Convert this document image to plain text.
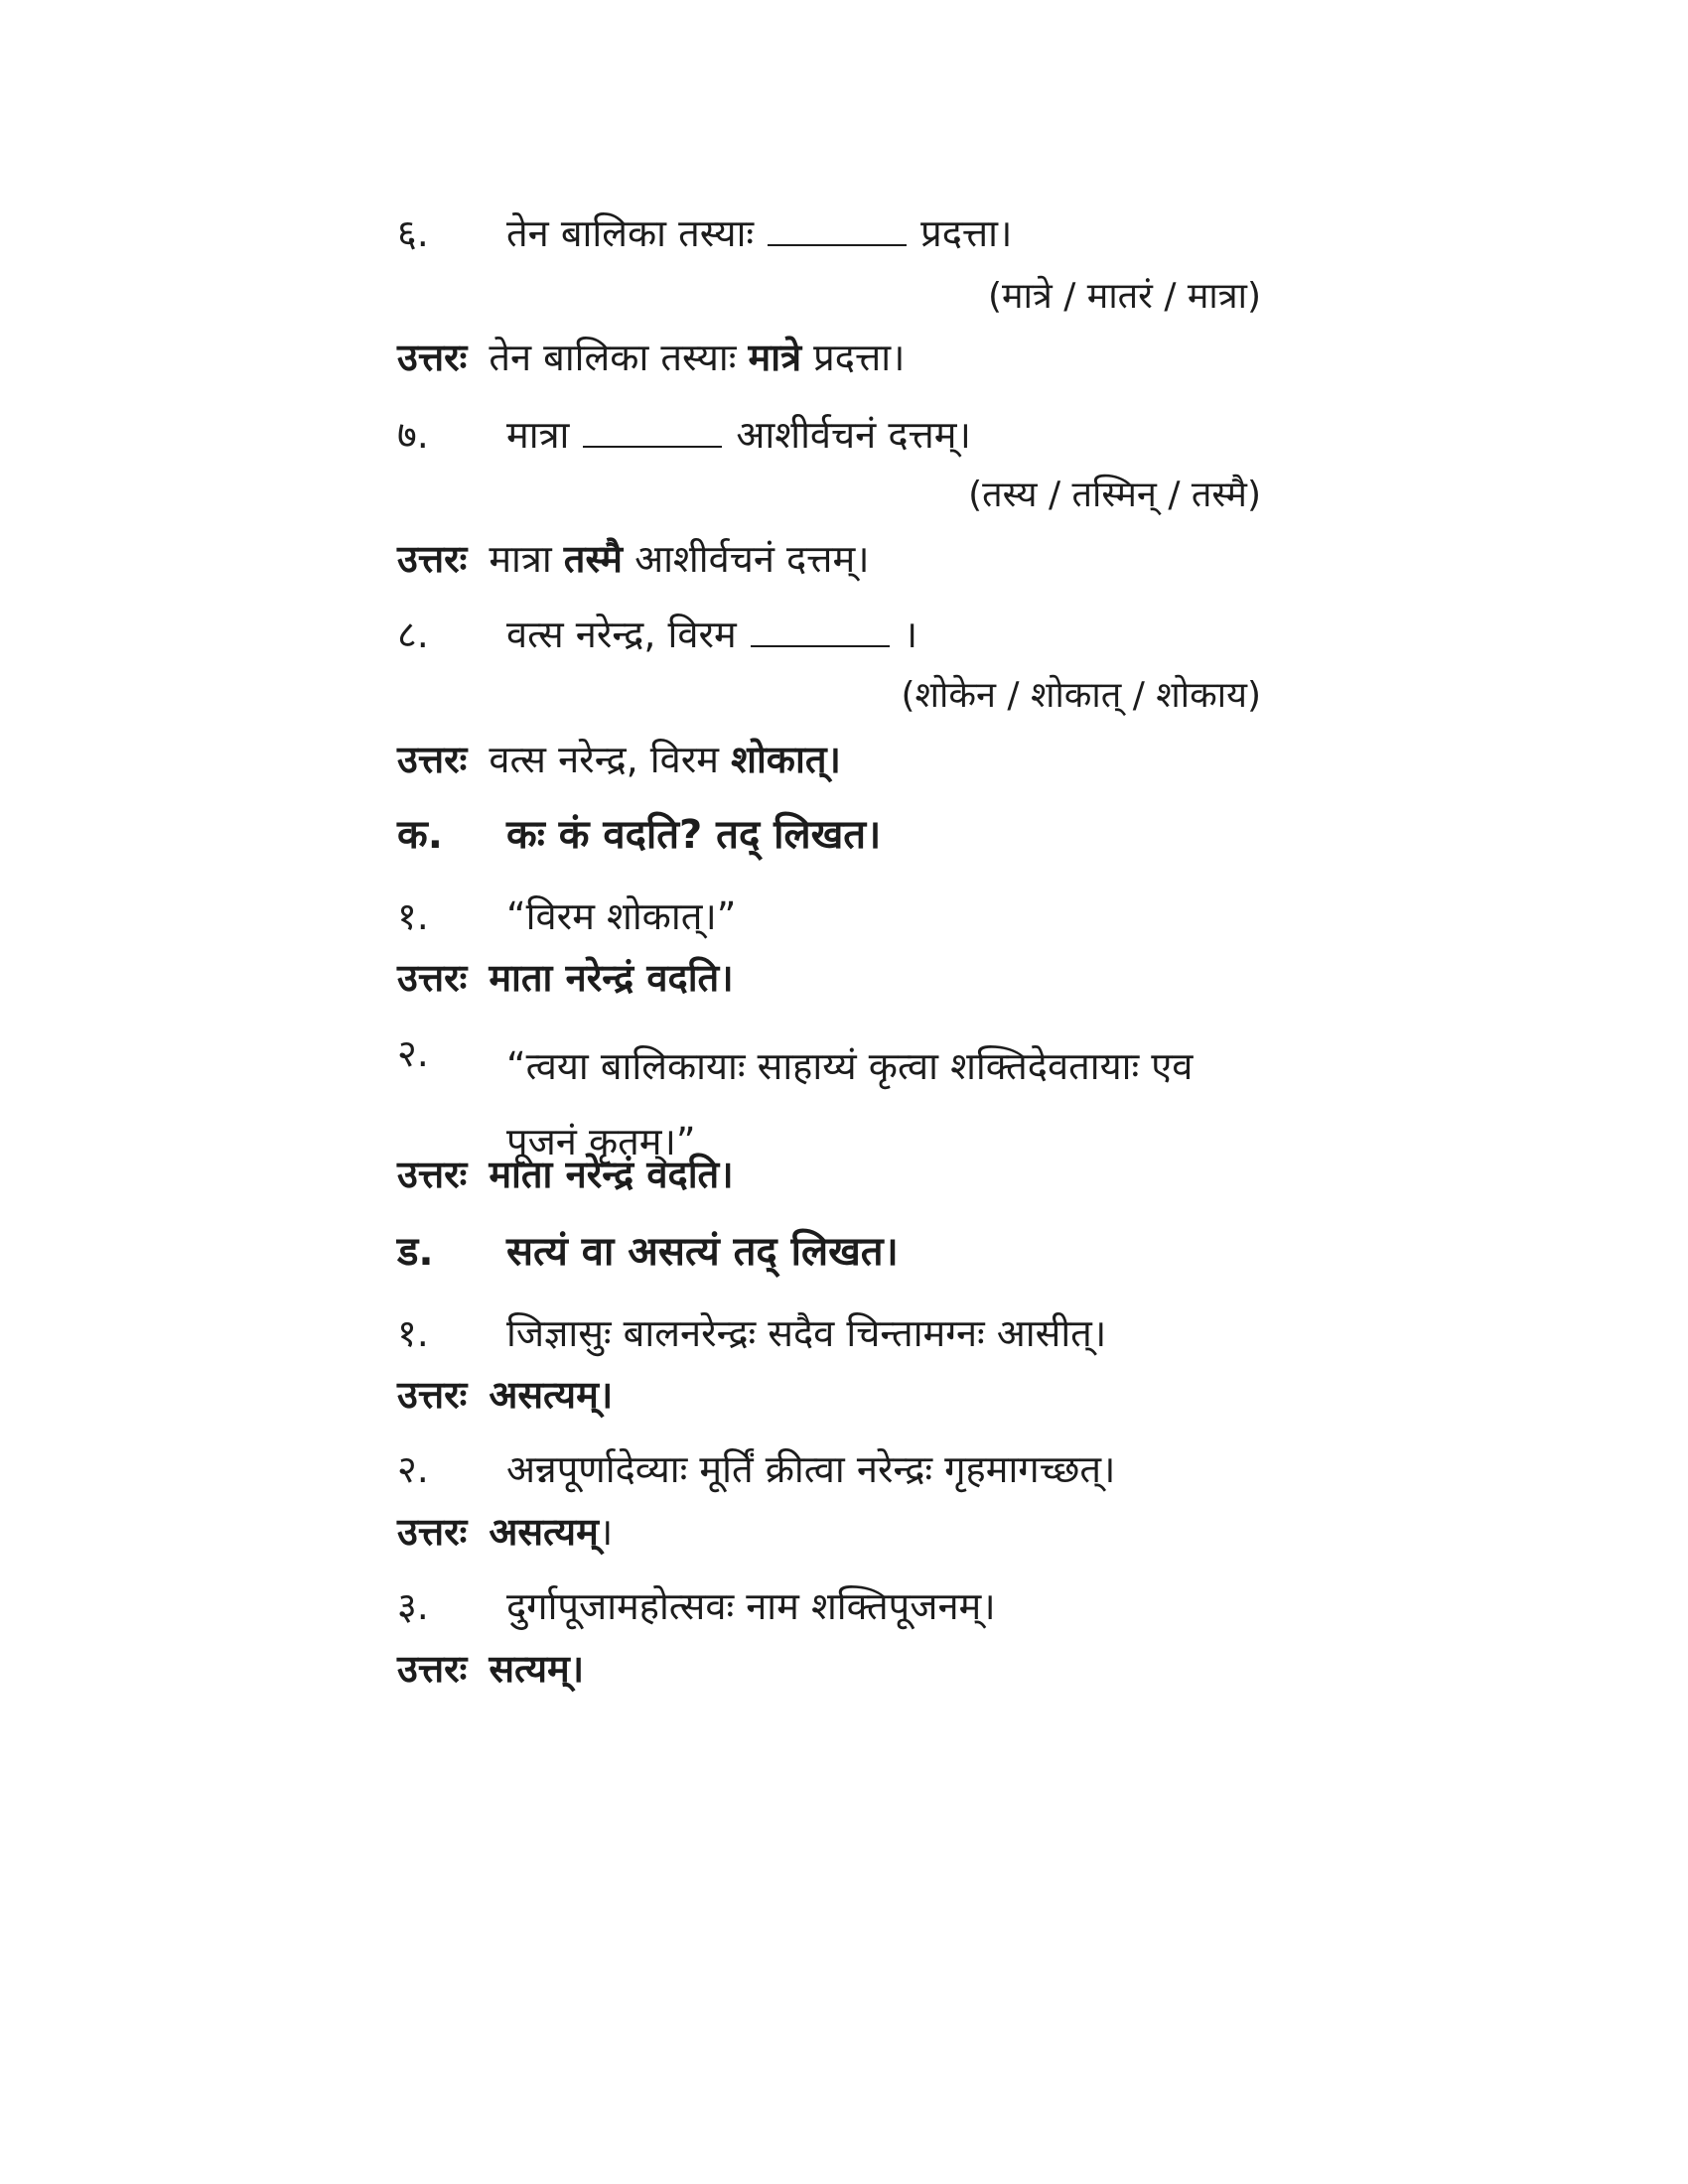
६. तेन बालिका तस्याः	प्रदत्ता।
(मात्रे / मातरं / मात्रा)
उत्तरः तेन बालिका तस्याः मात्रे प्रदत्ता।
७. मात्रा	आशीर्वचनं दत्तम्।
(तस्य / तस्मिन् / तस्मै)
उत्तरः मात्रा तस्मै आशीर्वचनं दत्तम्।
८. वत्स नरेन्द्र, विरम	।
(शोकेन / शोकात् / शोकाय)
उत्तरः वत्स नरेन्द्र, विरम शोकात्।
क. कः कं वदति? तद् लिखत।
१. “विरम शोकात्।”
उत्तरः माता नरेन्द्रं वदति।
२. “त्वया बालिकायाः साहाय्यं कृत्वा शक्तिदेवतायाः एव पूजनं कृतम्।”
उत्तरः माता नरेन्द्रं वदति।
ड. सत्यं वा असत्यं तद् लिखत।
१. जिज्ञासुः बालनरेन्द्रः सदैव चिन्तामग्नः आसीत्।
उत्तरः असत्यम्।
२. अन्नपूर्णादेव्याः मूर्तिं क्रीत्वा नरेन्द्रः गृहमागच्छत्।
उत्तरः असत्यम्।
३. दुर्गापूजामहोत्सवः नाम शक्तिपूजनम्।
उत्तरः सत्यम्।
